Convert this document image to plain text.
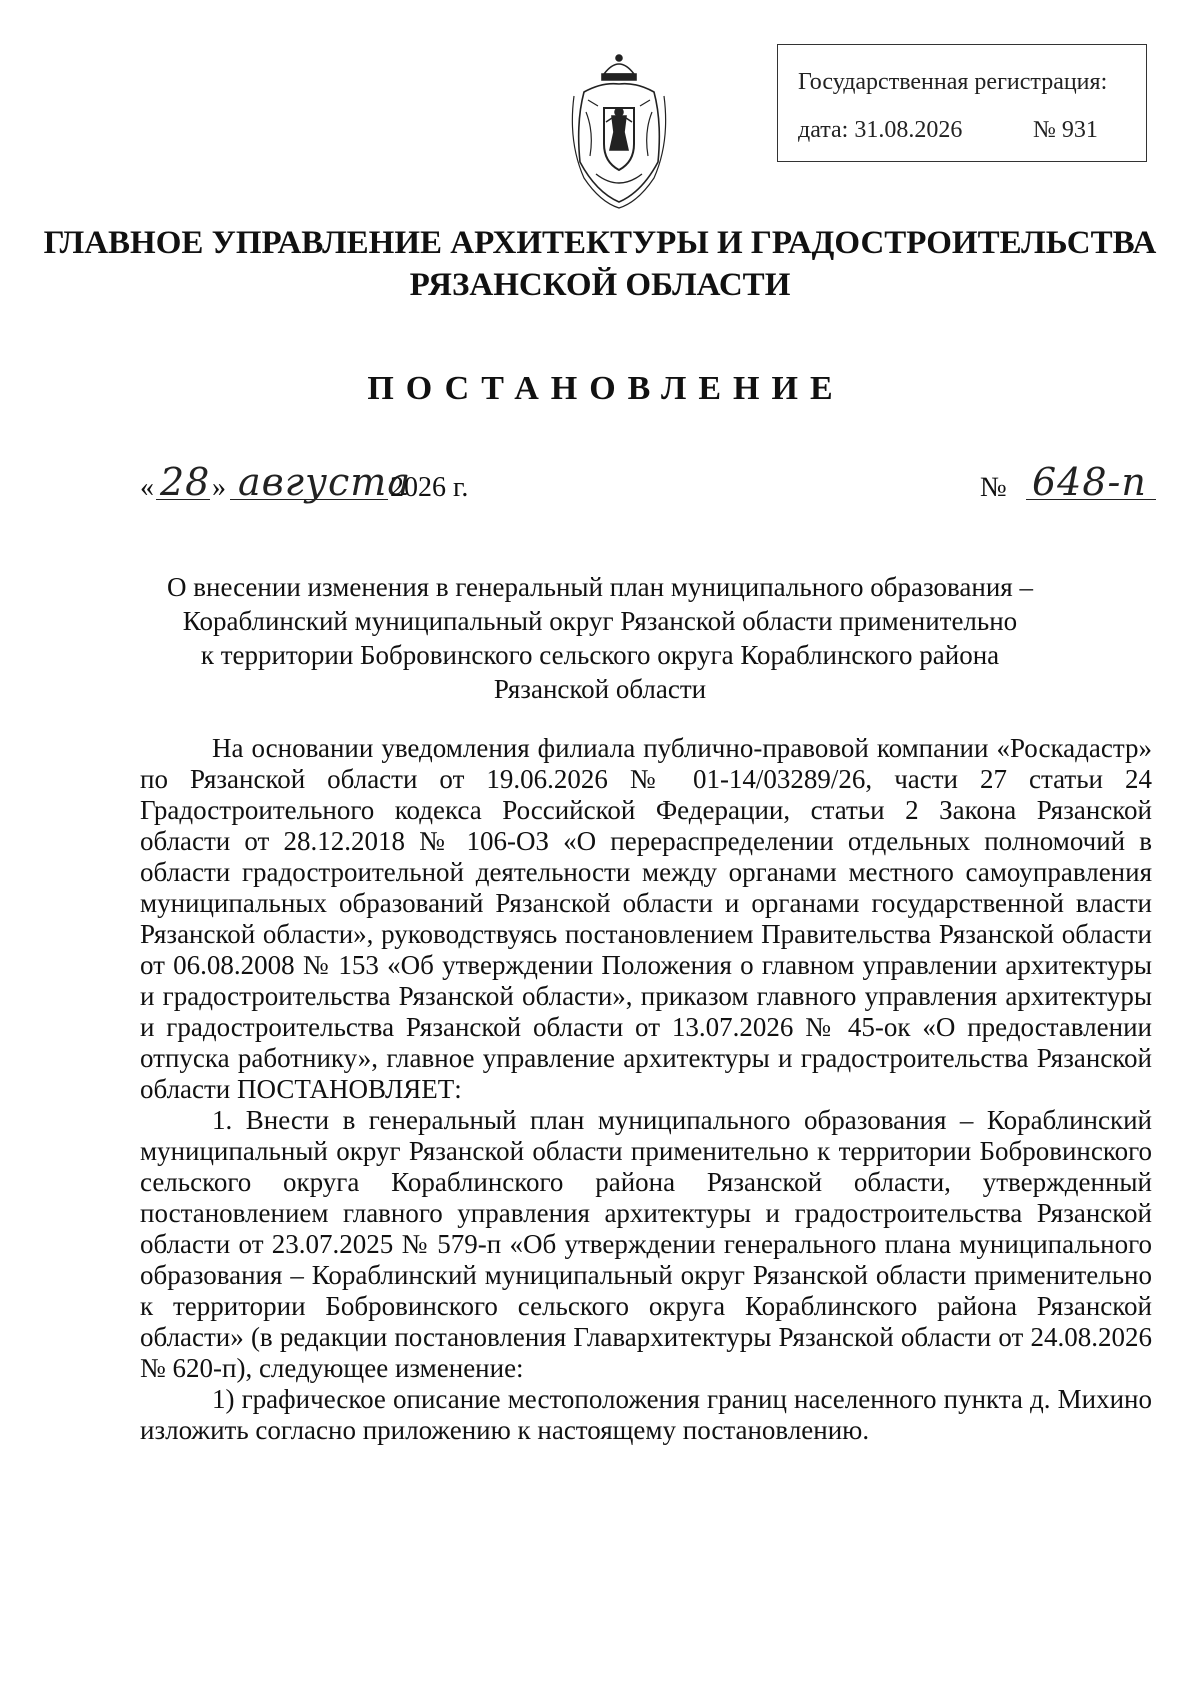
Государственная регистрация:
дата: 31.08.2026	№ 931
ГЛАВНОЕ УПРАВЛЕНИЕ АРХИТЕКТУРЫ И ГРАДОСТРОИТЕЛЬСТВА
РЯЗАНСКОЙ ОБЛАСТИ
ПОСТАНОВЛЕНИЕ
« 28 » августа
2026 г.	№ 648-п
О внесении изменения в генеральный план муниципального образования –
Кораблинский муниципальный округ Рязанской области применительно
к территории Бобровинского сельского округа Кораблинского района
Рязанской области

На основании уведомления филиала публично-правовой компании «Роскадастр» по Рязанской области от 19.06.2026 № 01-14/03289/26, части 27 статьи 24 Градостроительного кодекса Российской Федерации, статьи 2 Закона Рязанской области от 28.12.2018 № 106-ОЗ «О перераспределении отдельных полномочий в области градостроительной деятельности между органами местного самоуправления муниципальных образований Рязанской области и органами государственной власти Рязанской области», руководствуясь постановлением Правительства Рязанской области от 06.08.2008 № 153 «Об утверждении Положения о главном управлении архитектуры и градостроительства Рязанской области», приказом главного управления архитектуры и градостроительства Рязанской области от 13.07.2026 № 45-ок «О предоставлении отпуска работнику», главное управление архитектуры и градостроительства Рязанской области ПОСТАНОВЛЯЕТ:

1. Внести в генеральный план муниципального образования – Кораблинский муниципальный округ Рязанской области применительно к территории Бобровинского сельского округа Кораблинского района Рязанской области, утвержденный постановлением главного управления архитектуры и градостроительства Рязанской области от 23.07.2025 № 579-п «Об утверждении генерального плана муниципального образования – Кораблинский муниципальный округ Рязанской области применительно к территории Бобровинского сельского округа Кораблинского района Рязанской области» (в редакции постановления Главархитектуры Рязанской области от 24.08.2026 № 620-п), следующее изменение:

1) графическое описание местоположения границ населенного пункта д. Михино изложить согласно приложению к настоящему постановлению.
